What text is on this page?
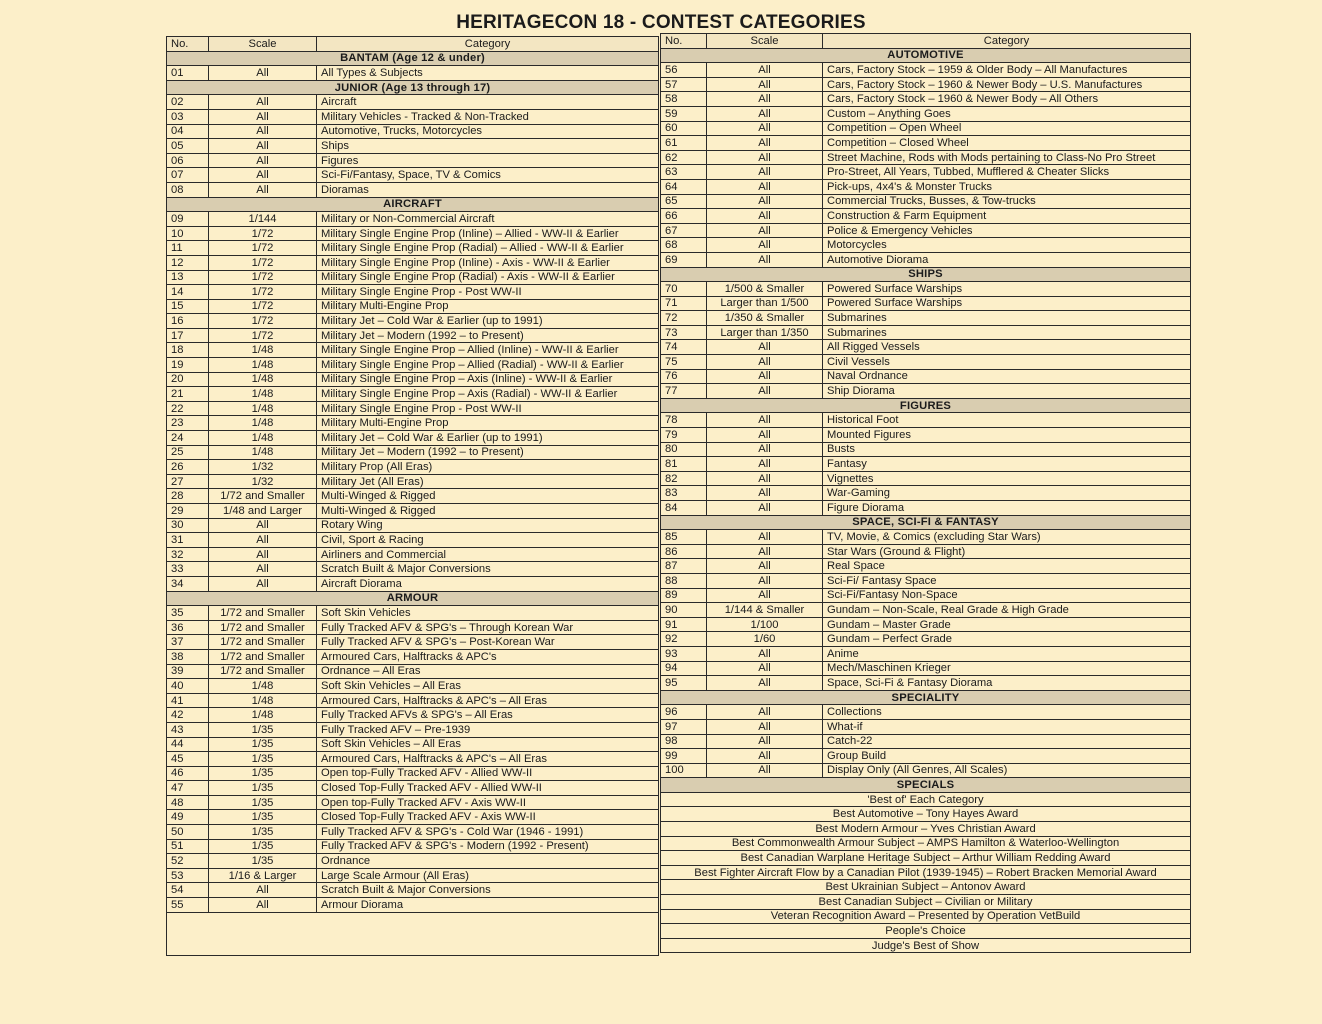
HERITAGECON 18 - CONTEST CATEGORIES
No.	Scale	Category
BANTAM (Age 12 & under)		
01	All	All Types & Subjects
JUNIOR (Age 13 through 17)		
02	All	Aircraft
03	All	Military Vehicles - Tracked & Non-Tracked
04	All	Automotive, Trucks, Motorcycles
05	All	Ships
06	All	Figures
07	All	Sci-Fi/Fantasy, Space, TV & Comics
08	All	Dioramas
AIRCRAFT		
09	1/144	Military or Non-Commercial Aircraft
10	1/72	Military Single Engine Prop (Inline) – Allied - WW-II & Earlier
11	1/72	Military Single Engine Prop (Radial) – Allied - WW-II & Earlier
12	1/72	Military Single Engine Prop (Inline) - Axis - WW-II & Earlier
13	1/72	Military Single Engine Prop (Radial) - Axis - WW-II & Earlier
14	1/72	Military Single Engine Prop - Post WW-II
15	1/72	Military Multi-Engine Prop
16	1/72	Military Jet – Cold War & Earlier (up to 1991)
17	1/72	Military Jet – Modern (1992 – to Present)
18	1/48	Military Single Engine Prop – Allied (Inline) - WW-II & Earlier
19	1/48	Military Single Engine Prop – Allied (Radial) - WW-II & Earlier
20	1/48	Military Single Engine Prop – Axis (Inline) - WW-II & Earlier
21	1/48	Military Single Engine Prop – Axis (Radial) - WW-II & Earlier
22	1/48	Military Single Engine Prop - Post WW-II
23	1/48	Military Multi-Engine Prop
24	1/48	Military Jet – Cold War & Earlier (up to 1991)
25	1/48	Military Jet – Modern (1992 – to Present)
26	1/32	Military Prop (All Eras)
27	1/32	Military Jet (All Eras)
28	1/72 and Smaller	Multi-Winged & Rigged
29	1/48 and Larger	Multi-Winged & Rigged
30	All	Rotary Wing
31	All	Civil, Sport & Racing
32	All	Airliners and Commercial
33	All	Scratch Built & Major Conversions
34	All	Aircraft Diorama
ARMOUR		
35	1/72 and Smaller	Soft Skin Vehicles
36	1/72 and Smaller	Fully Tracked AFV & SPG's – Through Korean War
37	1/72 and Smaller	Fully Tracked AFV & SPG's – Post-Korean War
38	1/72 and Smaller	Armoured Cars, Halftracks & APC's
39	1/72 and Smaller	Ordnance – All Eras
40	1/48	Soft Skin Vehicles – All Eras
41	1/48	Armoured Cars, Halftracks & APC's – All Eras
42	1/48	Fully Tracked AFVs & SPG's – All Eras
43	1/35	Fully Tracked AFV – Pre-1939
44	1/35	Soft Skin Vehicles – All Eras
45	1/35	Armoured Cars, Halftracks & APC's – All Eras
46	1/35	Open top-Fully Tracked AFV - Allied WW-II
47	1/35	Closed Top-Fully Tracked AFV - Allied WW-II
48	1/35	Open top-Fully Tracked AFV - Axis WW-II
49	1/35	Closed Top-Fully Tracked AFV - Axis WW-II
50	1/35	Fully Tracked AFV & SPG's - Cold War (1946 - 1991)
51	1/35	Fully Tracked AFV & SPG's - Modern (1992 - Present)
52	1/35	Ordnance
53	1/16 & Larger	Large Scale Armour (All Eras)
54	All	Scratch Built & Major Conversions
55	All	Armour Diorama

No.	Scale	Category
AUTOMOTIVE		
56	All	Cars, Factory Stock – 1959 & Older Body – All Manufactures
57	All	Cars, Factory Stock – 1960 & Newer Body – U.S. Manufactures
58	All	Cars, Factory Stock – 1960 & Newer Body – All Others
59	All	Custom – Anything Goes
60	All	Competition – Open Wheel
61	All	Competition – Closed Wheel
62	All	Street Machine, Rods with Mods pertaining to Class-No Pro Street
63	All	Pro-Street, All Years, Tubbed, Mufflered & Cheater Slicks
64	All	Pick-ups, 4x4's & Monster Trucks
65	All	Commercial Trucks, Busses, & Tow-trucks
66	All	Construction & Farm Equipment
67	All	Police & Emergency Vehicles
68	All	Motorcycles
69	All	Automotive Diorama
SHIPS		
70	1/500 & Smaller	Powered Surface Warships
71	Larger than 1/500	Powered Surface Warships
72	1/350 & Smaller	Submarines
73	Larger than 1/350	Submarines
74	All	All Rigged Vessels
75	All	Civil Vessels
76	All	Naval Ordnance
77	All	Ship Diorama
FIGURES		
78	All	Historical Foot
79	All	Mounted Figures
80	All	Busts
81	All	Fantasy
82	All	Vignettes
83	All	War-Gaming
84	All	Figure Diorama
SPACE, SCI-FI & FANTASY		
85	All	TV, Movie, & Comics (excluding Star Wars)
86	All	Star Wars (Ground & Flight)
87	All	Real Space
88	All	Sci-Fi/ Fantasy Space
89	All	Sci-Fi/Fantasy Non-Space
90	1/144 & Smaller	Gundam – Non-Scale, Real Grade & High Grade
91	1/100	Gundam – Master Grade
92	1/60	Gundam – Perfect Grade
93	All	Anime
94	All	Mech/Maschinen Krieger
95	All	Space, Sci-Fi & Fantasy Diorama
SPECIALITY		
96	All	Collections
97	All	What-if
98	All	Catch-22
99	All	Group Build
100	All	Display Only (All Genres, All Scales)
SPECIALS		
'Best of' Each Category		
Best Automotive – Tony Hayes Award		
Best Modern Armour – Yves Christian Award		
Best Commonwealth Armour Subject – AMPS Hamilton & Waterloo-Wellington		
Best Canadian Warplane Heritage Subject – Arthur William Redding Award		
Best Fighter Aircraft Flow by a Canadian Pilot (1939-1945) – Robert Bracken Memorial Award		
Best Ukrainian Subject – Antonov Award		
Best Canadian Subject – Civilian or Military		
Veteran Recognition Award – Presented by Operation VetBuild		
People's Choice		
Judge's Best of Show		
